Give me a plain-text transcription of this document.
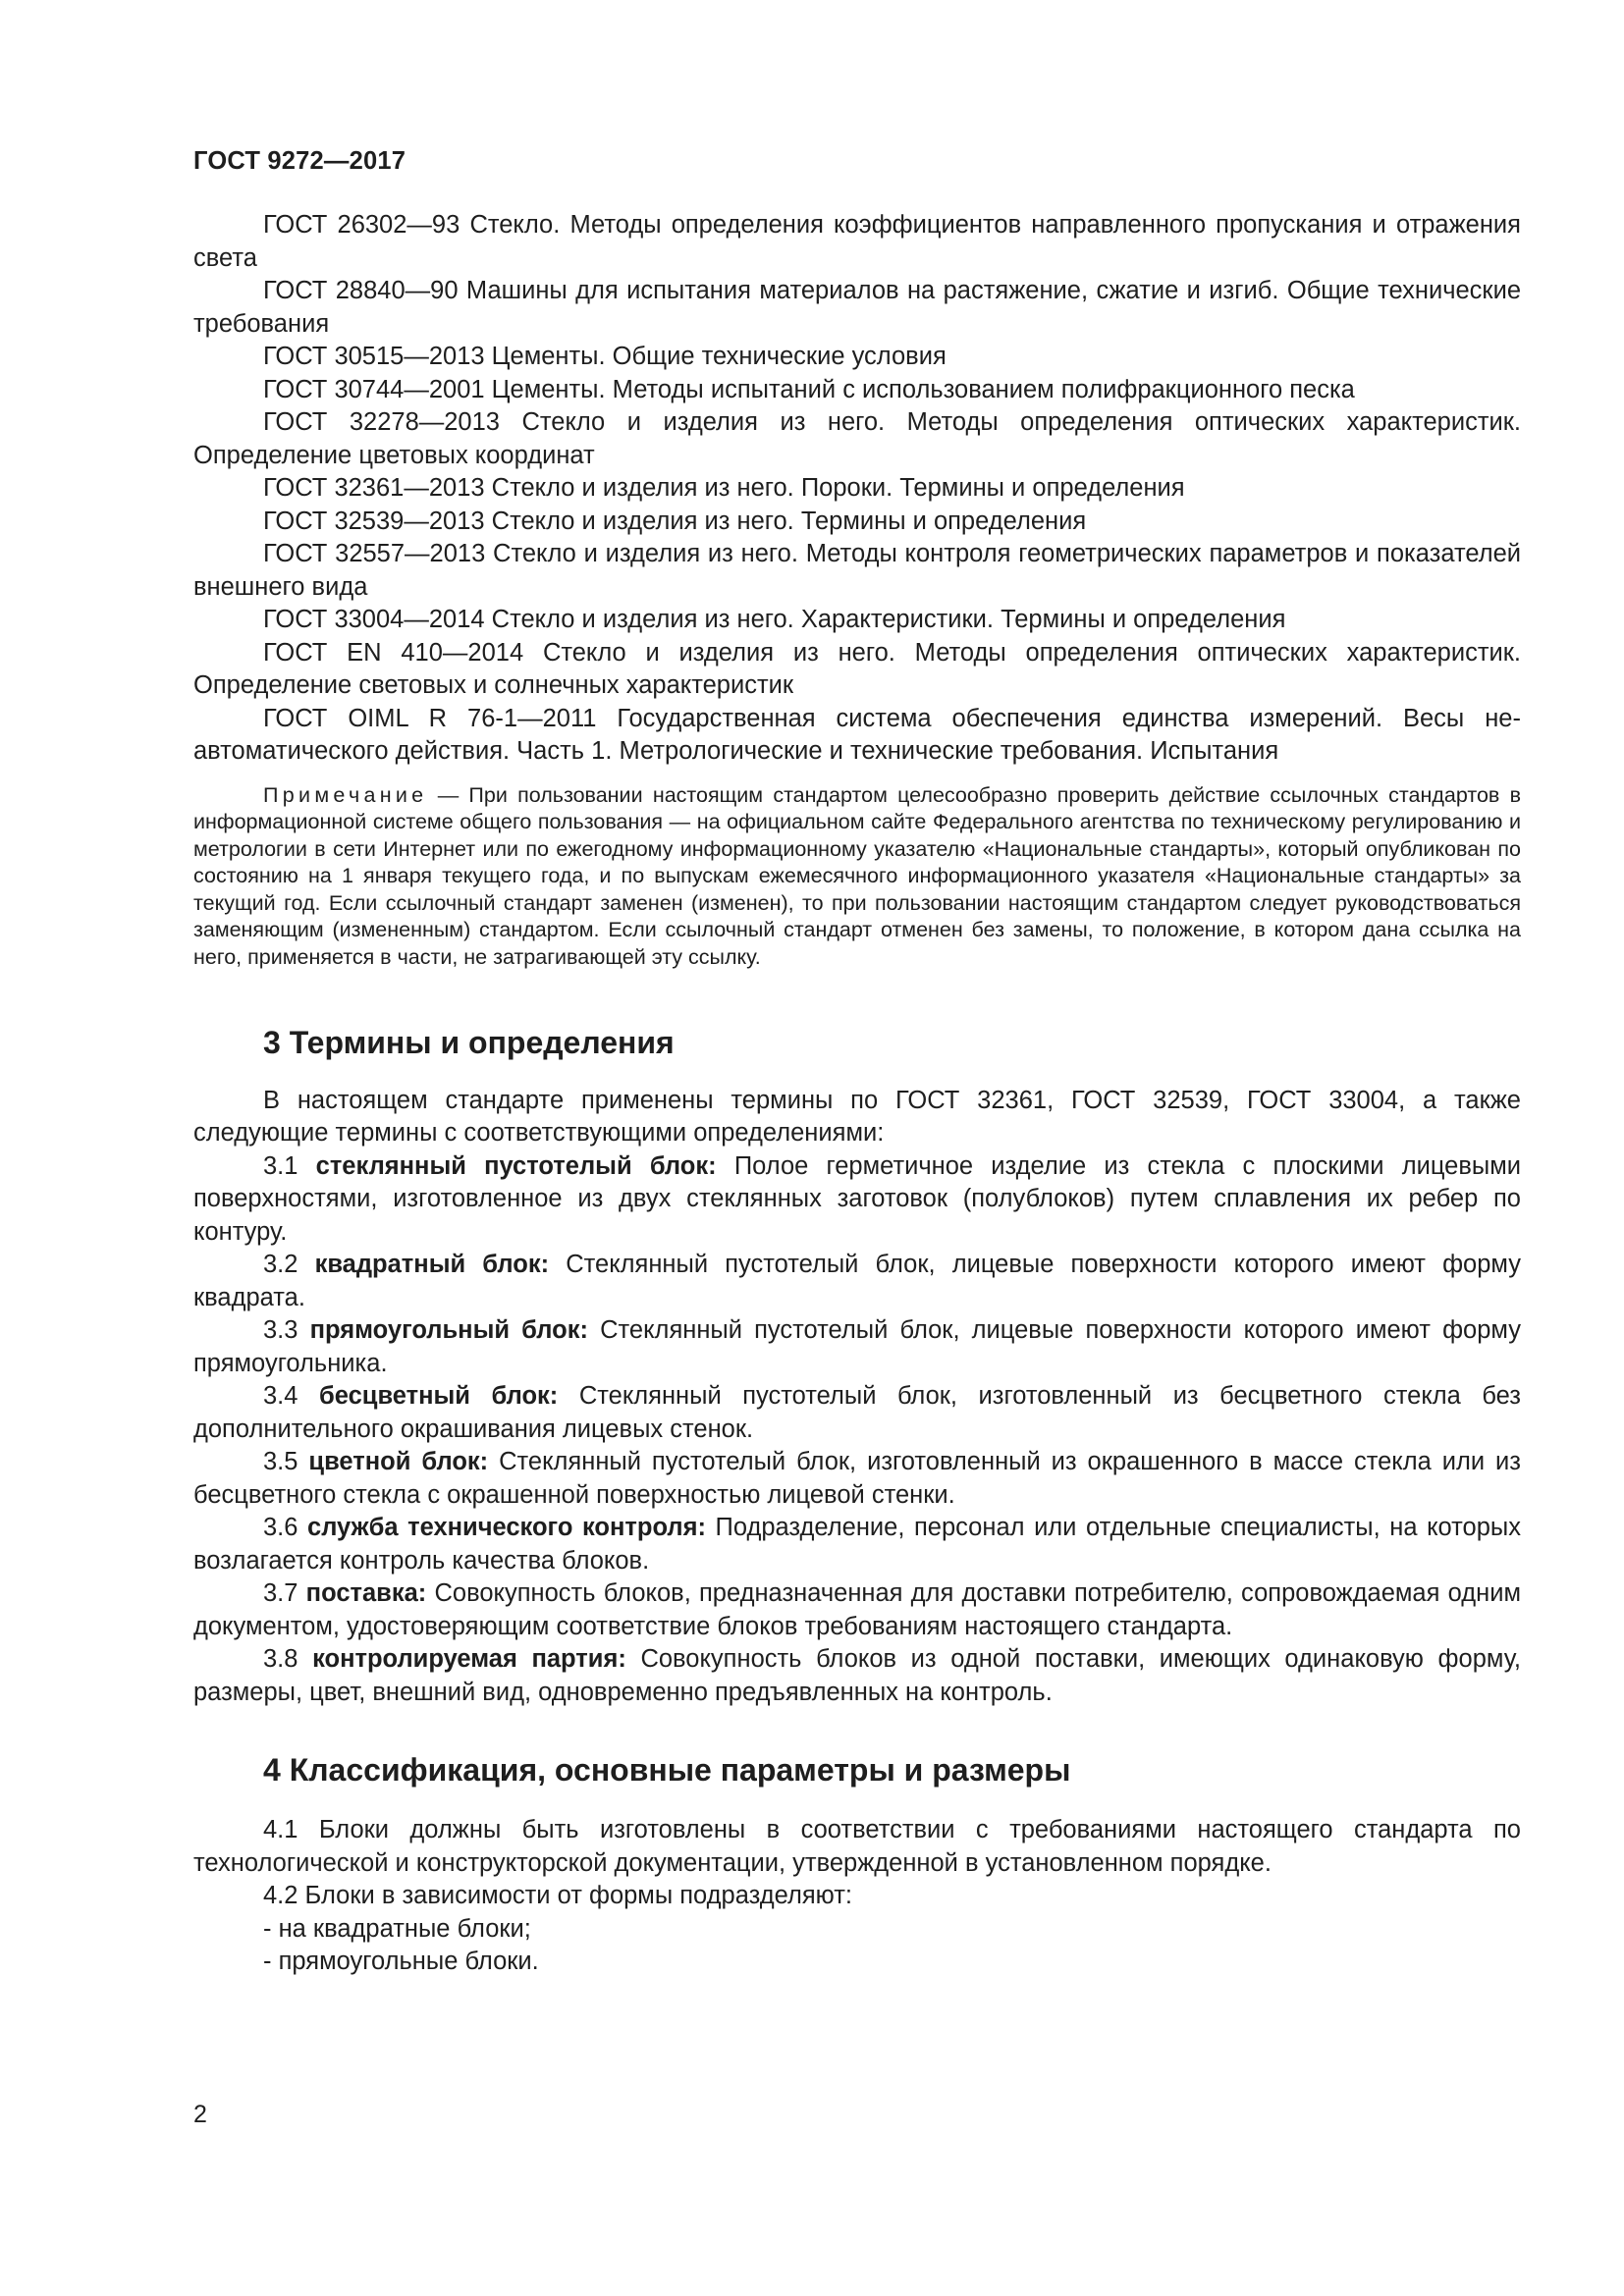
ГОСТ 9272—2017

ГОСТ 26302—93 Стекло. Методы определения коэффициентов направленного пропускания и отражения света

ГОСТ 28840—90 Машины для испытания материалов на растяжение, сжатие и изгиб. Общие технические требования

ГОСТ 30515—2013 Цементы. Общие технические условия

ГОСТ 30744—2001 Цементы. Методы испытаний с использованием полифракционного песка

ГОСТ 32278—2013 Стекло и изделия из него. Методы определения оптических характеристик. Определение цветовых координат

ГОСТ 32361—2013 Стекло и изделия из него. Пороки. Термины и определения

ГОСТ 32539—2013 Стекло и изделия из него. Термины и определения

ГОСТ 32557—2013 Стекло и изделия из него. Методы контроля геометрических параметров и показателей внешнего вида

ГОСТ 33004—2014 Стекло и изделия из него. Характеристики. Термины и определения

ГОСТ EN 410—2014 Стекло и изделия из него. Методы определения оптических характеристик. Определение световых и солнечных характеристик

ГОСТ OIML R 76-1—2011 Государственная система обеспечения единства измерений. Весы неавтоматического действия. Часть 1. Метрологические и технические требования. Испытания

Примечание — При пользовании настоящим стандартом целесообразно проверить действие ссылочных стандартов в информационной системе общего пользования — на официальном сайте Федерального агентства по техническому регулированию и метрологии в сети Интернет или по ежегодному информационному указателю «Национальные стандарты», который опубликован по состоянию на 1 января текущего года, и по выпускам ежемесячного информационного указателя «Национальные стандарты» за текущий год. Если ссылочный стандарт заменен (изменен), то при пользовании настоящим стандартом следует руководствоваться заменяющим (измененным) стандартом. Если ссылочный стандарт отменен без замены, то положение, в котором дана ссылка на него, применяется в части, не затрагивающей эту ссылку.

3 Термины и определения

В настоящем стандарте применены термины по ГОСТ 32361, ГОСТ 32539, ГОСТ 33004, а также следующие термины с соответствующими определениями:

3.1 стеклянный пустотелый блок: Полое герметичное изделие из стекла с плоскими лицевыми поверхностями, изготовленное из двух стеклянных заготовок (полублоков) путем сплавления их ребер по контуру.

3.2 квадратный блок: Стеклянный пустотелый блок, лицевые поверхности которого имеют форму квадрата.

3.3 прямоугольный блок: Стеклянный пустотелый блок, лицевые поверхности которого имеют форму прямоугольника.

3.4 бесцветный блок: Стеклянный пустотелый блок, изготовленный из бесцветного стекла без дополнительного окрашивания лицевых стенок.

3.5 цветной блок: Стеклянный пустотелый блок, изготовленный из окрашенного в массе стекла или из бесцветного стекла с окрашенной поверхностью лицевой стенки.

3.6 служба технического контроля: Подразделение, персонал или отдельные специалисты, на которых возлагается контроль качества блоков.

3.7 поставка: Совокупность блоков, предназначенная для доставки потребителю, сопровождаемая одним документом, удостоверяющим соответствие блоков требованиям настоящего стандарта.

3.8 контролируемая партия: Совокупность блоков из одной поставки, имеющих одинаковую форму, размеры, цвет, внешний вид, одновременно предъявленных на контроль.

4 Классификация, основные параметры и размеры

4.1 Блоки должны быть изготовлены в соответствии с требованиями настоящего стандарта по технологической и конструкторской документации, утвержденной в установленном порядке.

4.2 Блоки в зависимости от формы подразделяют:

- на квадратные блоки;

- прямоугольные блоки.

2
